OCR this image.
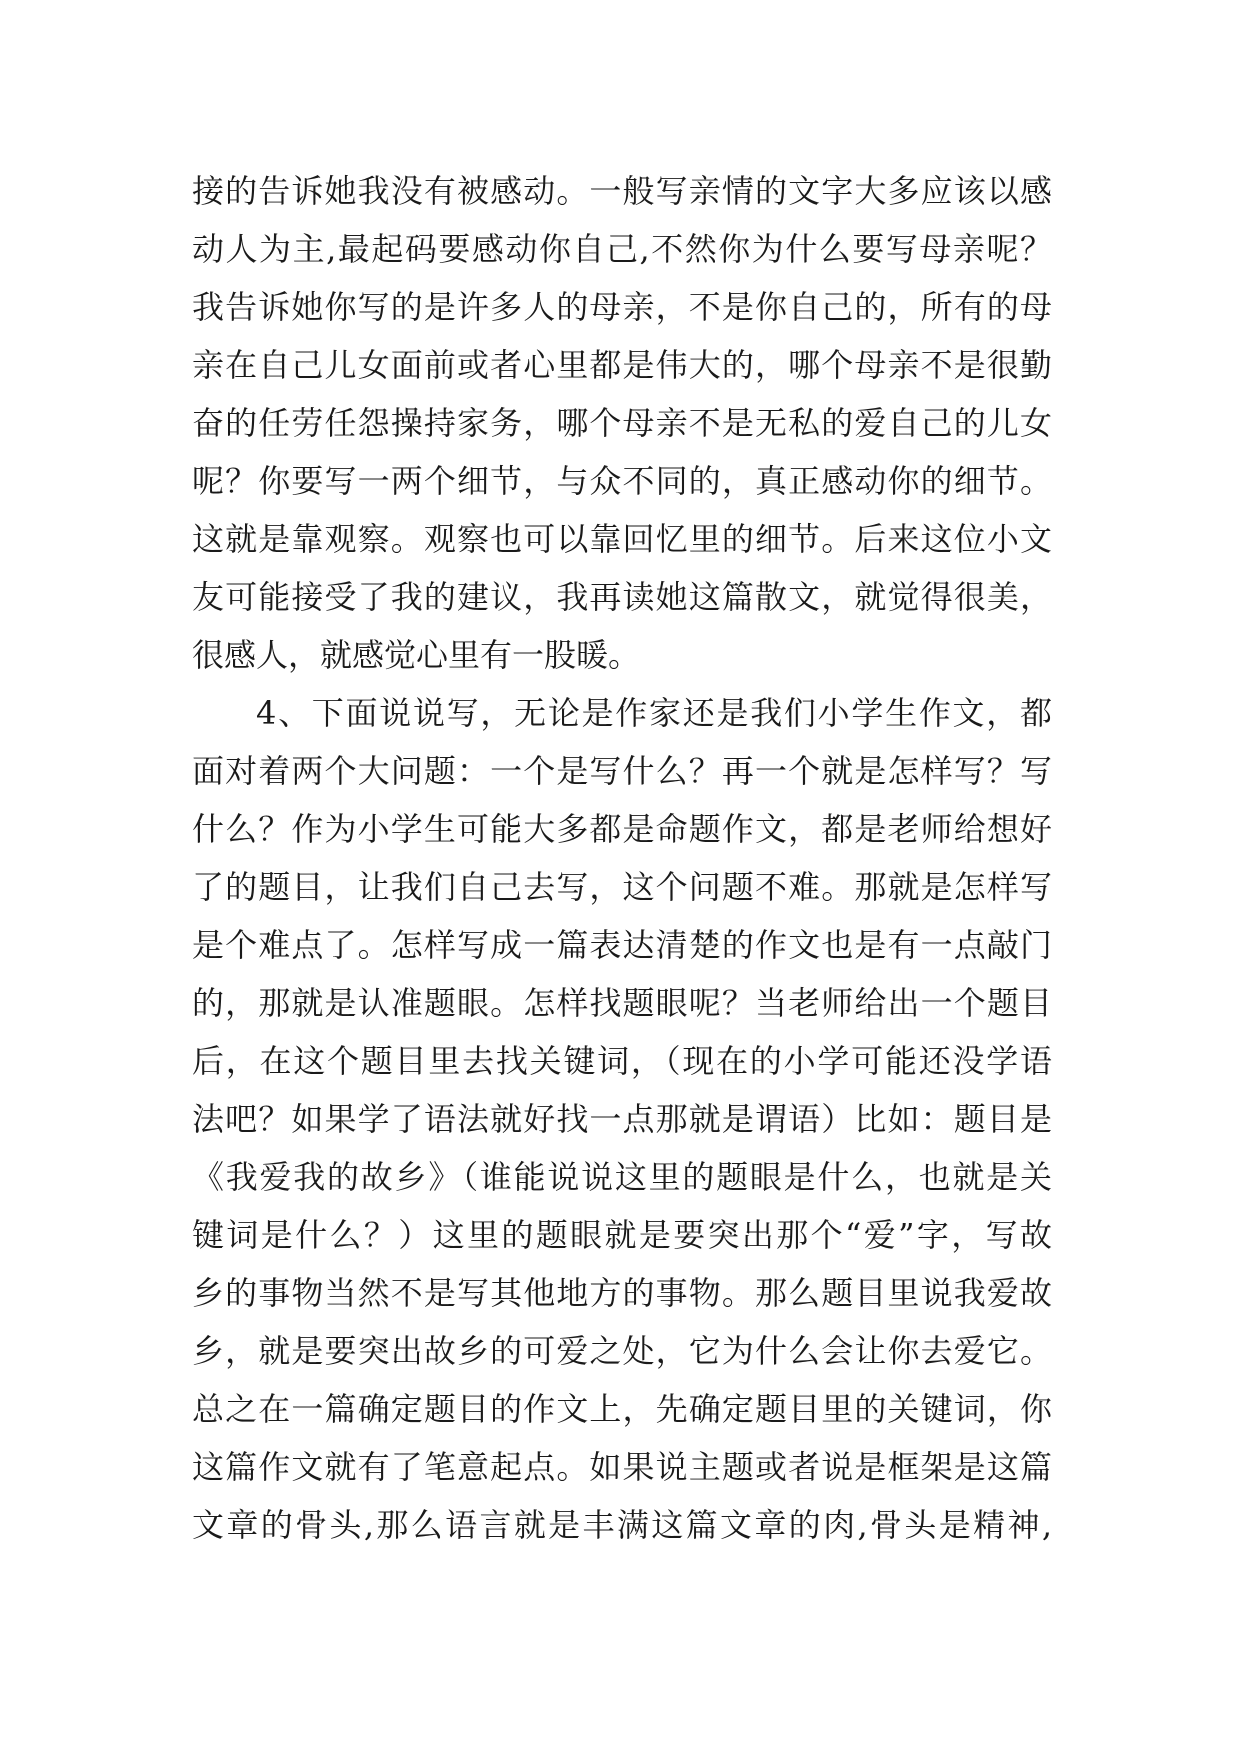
接的告诉她我没有被感动。一般写亲情的文字大多应该以感
动人为主,最起码要感动你自己,不然你为什么要写母亲呢？
我告诉她你写的是许多人的母亲，不是你自己的，所有的母
亲在自己儿女面前或者心里都是伟大的，哪个母亲不是很勤
奋的任劳任怨操持家务，哪个母亲不是无私的爱自己的儿女
呢？你要写一两个细节，与众不同的，真正感动你的细节。
这就是靠观察。观察也可以靠回忆里的细节。后来这位小文
友可能接受了我的建议，我再读她这篇散文，就觉得很美，
很感人，就感觉心里有一股暖。
4、下面说说写，无论是作家还是我们小学生作文，都
面对着两个大问题：一个是写什么？再一个就是怎样写？写
什么？作为小学生可能大多都是命题作文，都是老师给想好
了的题目，让我们自己去写，这个问题不难。那就是怎样写
是个难点了。怎样写成一篇表达清楚的作文也是有一点敲门
的，那就是认准题眼。怎样找题眼呢？当老师给出一个题目
后，在这个题目里去找关键词，（现在的小学可能还没学语
法吧？如果学了语法就好找一点那就是谓语）比如：题目是
《我爱我的故乡》（谁能说说这里的题眼是什么，也就是关
键词是什么？）这里的题眼就是要突出那个“爱”字，写故
乡的事物当然不是写其他地方的事物。那么题目里说我爱故
乡，就是要突出故乡的可爱之处，它为什么会让你去爱它。
总之在一篇确定题目的作文上，先确定题目里的关键词，你
这篇作文就有了笔意起点。如果说主题或者说是框架是这篇
文章的骨头,那么语言就是丰满这篇文章的肉,骨头是精神,
